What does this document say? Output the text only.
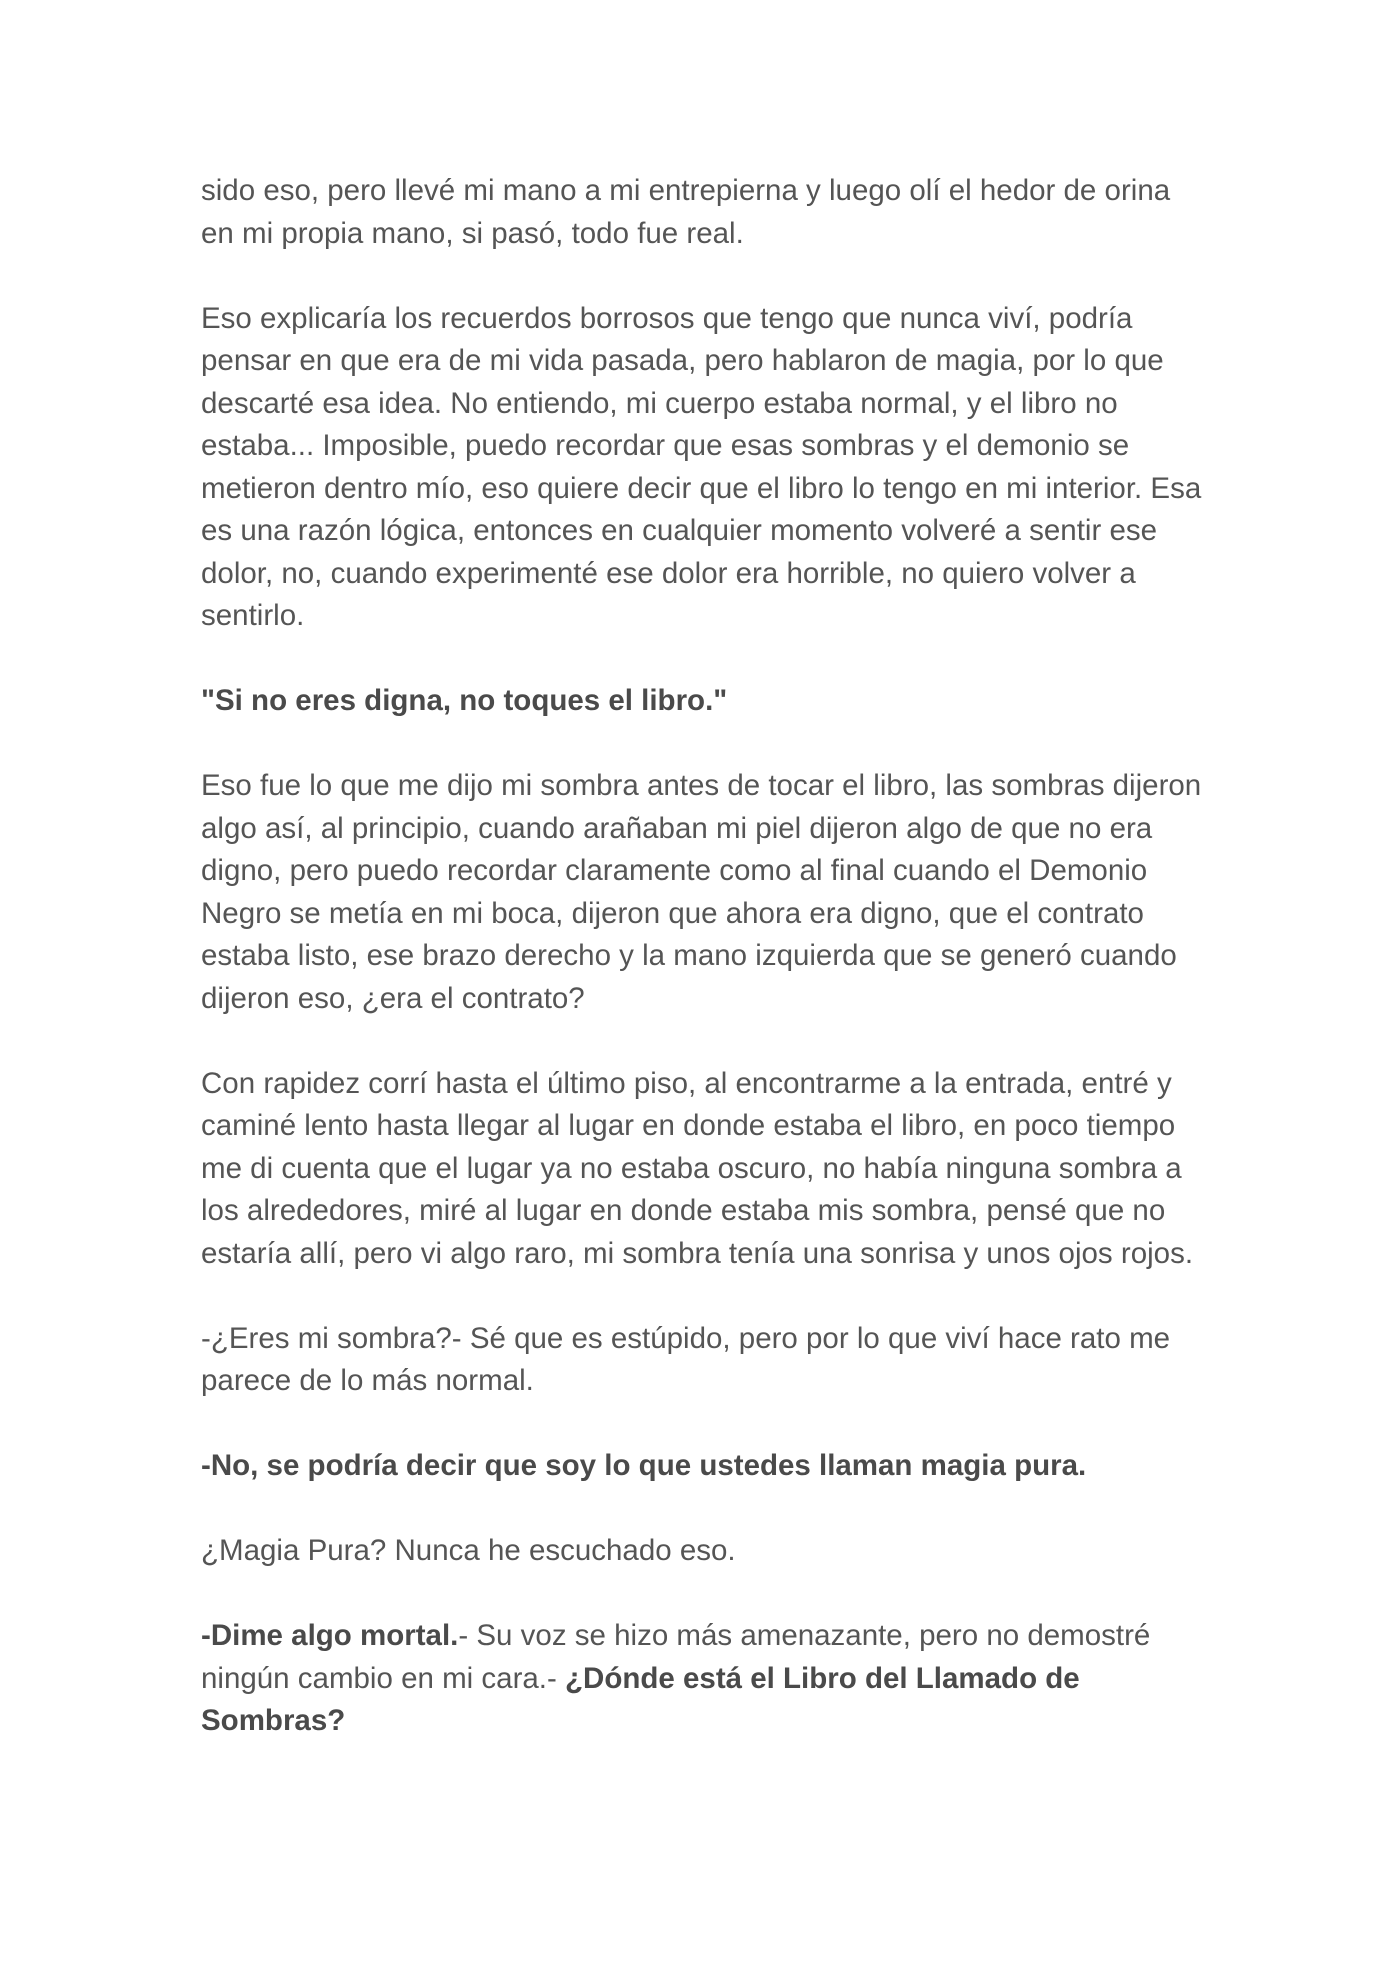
sido eso, pero llevé mi mano a mi entrepierna y luego olí el hedor de orina en mi propia mano, si pasó, todo fue real.

Eso explicaría los recuerdos borrosos que tengo que nunca viví, podría pensar en que era de mi vida pasada, pero hablaron de magia, por lo que descarté esa idea. No entiendo, mi cuerpo estaba normal, y el libro no estaba... Imposible, puedo recordar que esas sombras y el demonio se metieron dentro mío, eso quiere decir que el libro lo tengo en mi interior. Esa es una razón lógica, entonces en cualquier momento volveré a sentir ese dolor, no, cuando experimenté ese dolor era horrible, no quiero volver a sentirlo.

"Si no eres digna, no toques el libro."

Eso fue lo que me dijo mi sombra antes de tocar el libro, las sombras dijeron algo así, al principio, cuando arañaban mi piel dijeron algo de que no era digno, pero puedo recordar claramente como al final cuando el Demonio Negro se metía en mi boca, dijeron que ahora era digno, que el contrato estaba listo, ese brazo derecho y la mano izquierda que se generó cuando dijeron eso, ¿era el contrato?

Con rapidez corrí hasta el último piso, al encontrarme a la entrada, entré y caminé lento hasta llegar al lugar en donde estaba el libro, en poco tiempo me di cuenta que el lugar ya no estaba oscuro, no había ninguna sombra a los alrededores, miré al lugar en donde estaba mis sombra, pensé que no estaría allí, pero vi algo raro, mi sombra tenía una sonrisa y unos ojos rojos.

-¿Eres mi sombra?- Sé que es estúpido, pero por lo que viví hace rato me parece de lo más normal.

-No, se podría decir que soy lo que ustedes llaman magia pura.

¿Magia Pura? Nunca he escuchado eso.

-Dime algo mortal.- Su voz se hizo más amenazante, pero no demostré ningún cambio en mi cara.- ¿Dónde está el Libro del Llamado de Sombras?
